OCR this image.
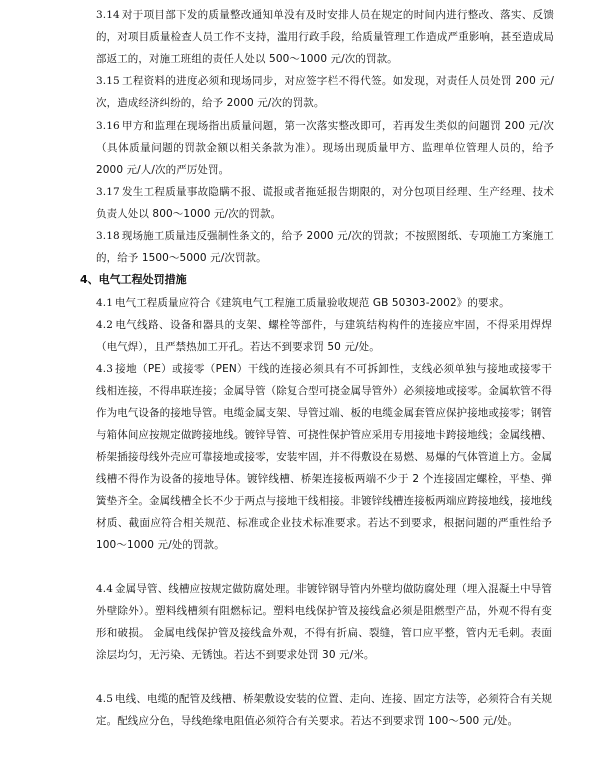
3.14 对于项目部下发的质量整改通知单没有及时安排人员在规定的时间内进行整改、落实、反馈的，对项目质量检查人员工作不支持，滥用行政手段，给质量管理工作造成严重影响，甚至造成局部返工的，对施工班组的责任人处以 500～1000 元/次的罚款。

3.15 工程资料的进度必须和现场同步，对应签字栏不得代签。如发现，对责任人员处罚 200 元/次，造成经济纠纷的，给予 2000 元/次的罚款。

3.16 甲方和监理在现场指出质量问题，第一次落实整改即可，若再发生类似的问题罚 200 元/次（具体质量问题的罚款金额以相关条款为准）。现场出现质量甲方、监理单位管理人员的，给予 2000 元/人/次的严厉处罚。

3.17 发生工程质量事故隐瞒不报、谎报或者拖延报告期限的，对分包项目经理、生产经理、技术负责人处以 800～1000 元/次的罚款。

3.18 现场施工质量违反强制性条文的，给予 2000 元/次的罚款；不按照图纸、专项施工方案施工的，给予 1500～5000 元/次罚款。

4、电气工程处罚措施

4.1 电气工程质量应符合《建筑电气工程施工质量验收规范 GB 50303-2002》的要求。

4.2 电气线路、设备和器具的支架、螺栓等部件，与建筑结构构件的连接应牢固，不得采用焊焊（电气焊），且严禁热加工开孔。若达不到要求罚 50 元/处。

4.3 接地（PE）或接零（PEN）干线的连接必须具有不可拆卸性，支线必须单独与接地或接零干线相连接，不得串联连接；金属导管（除复合型可挠金属导管外）必须接地或接零。金属软管不得作为电气设备的接地导管。电缆金属支架、导管过端、板的电缆金属套管应保护接地或接零；钢管与箱体间应按规定做跨接地线。镀锌导管、可挠性保护管应采用专用接地卡跨接地线；金属线槽、桥架插接母线外壳应可靠接地或接零，安装牢固，并不得敷设在易燃、易爆的气体管道上方。金属线槽不得作为设备的接地导体。镀锌线槽、桥架连接板两端不少于 2 个连接固定螺栓，平垫、弹簧垫齐全。金属线槽全长不少于两点与接地干线相接。非镀锌线槽连接板两端应跨接地线，接地线材质、截面应符合相关规范、标准或企业技术标准要求。若达不到要求，根据问题的严重性给予 100～1000 元/处的罚款。

4.4 金属导管、线槽应按规定做防腐处理。非镀锌钢导管内外壁均做防腐处理（埋入混凝土中导管外壁除外）。塑料线槽须有阻燃标记。塑料电线保护管及接线盒必须是阻燃型产品，外观不得有变形和破损。 金属电线保护管及接线盒外观，不得有折扁、裂缝，管口应平整，管内无毛刺。表面涂层均匀，无污染、无锈蚀。若达不到要求处罚 30 元/米。

4.5 电线、电缆的配管及线槽、桥架敷设安装的位置、走向、连接、固定方法等，必须符合有关规定。配线应分色，导线绝缘电阻值必须符合有关要求。若达不到要求罚 100～500 元/处。
